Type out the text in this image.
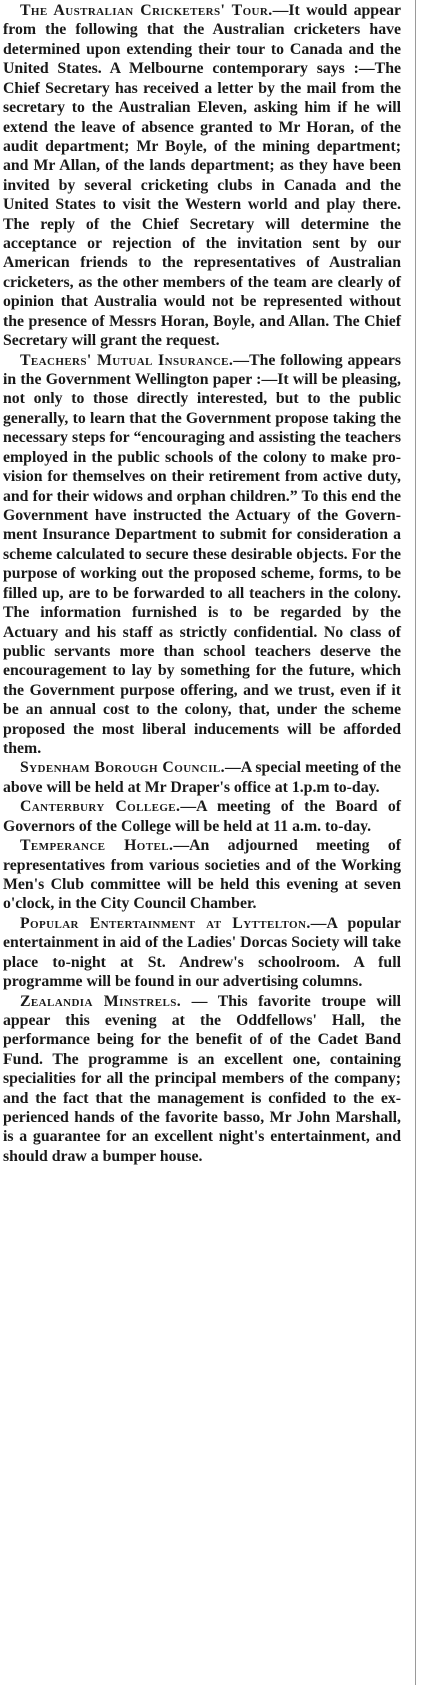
The Australian Cricketers' Tour.—It would appear from the following that the Australian cricketers have determined upon extending their tour to Canada and the United States. A Melbourne contemporary says :—The Chief Secretary has received a letter by the mail from the secretary to the Australian Eleven, asking him if he will extend the leave of absence granted to Mr Horan, of the audit department; Mr Boyle, of the mining department; and Mr Allan, of the lands department; as they have been invited by several cricketing clubs in Canada and the United States to visit the Western world and play there. The reply of the Chief Secretary will determine the acceptance or rejection of the invitation sent by our American friends to the representatives of Australian cricketers, as the other members of the team are clearly of opinion that Australia would not be represented without the presence of Messrs Horan, Boyle, and Allan. The Chief Secretary will grant the request.

Teachers' Mutual Insurance.—The following appears in the Government Wellington paper :—It will be pleasing, not only to those directly interested, but to the public generally, to learn that the Government propose taking the necessary steps for “encouraging and assisting the teachers employed in the public schools of the colony to make provision for themselves on their retirement from active duty, and for their widows and orphan children.” To this end the Government have instructed the Actuary of the Government Insurance Department to submit for consideration a scheme calculated to secure these desirable objects. For the purpose of working out the proposed scheme, forms, to be filled up, are to be forwarded to all teachers in the colony. The information furnished is to be regarded by the Actuary and his staff as strictly confidential. No class of public servants more than school teachers deserve the encouragement to lay by something for the future, which the Government purpose offering, and we trust, even if it be an annual cost to the colony, that, under the scheme proposed the most liberal inducements will be afforded them.

Sydenham Borough Council.—A special meeting of the above will be held at Mr Draper's office at 1.p.m to-day.

Canterbury College.—A meeting of the Board of Governors of the College will be held at 11 a.m. to-day.

Temperance Hotel.—An adjourned meeting of representatives from various societies and of the Working Men's Club committee will be held this evening at seven o'clock, in the City Council Chamber.

Popular Entertainment at Lyttelton.—A popular entertainment in aid of the Ladies' Dorcas Society will take place to-night at St. Andrew's schoolroom. A full programme will be found in our advertising columns.

Zealandia Minstrels. — This favorite troupe will appear this evening at the Oddfellows' Hall, the performance being for the benefit of of the Cadet Band Fund. The programme is an excellent one, containing specialities for all the principal members of the company; and the fact that the management is confided to the experienced hands of the favorite basso, Mr John Marshall, is a guarantee for an excellent night's entertainment, and should draw a bumper house.
